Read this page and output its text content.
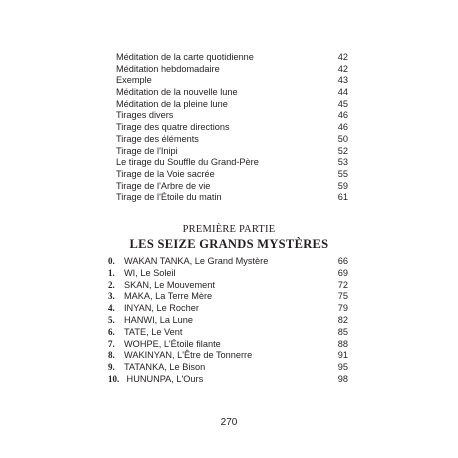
Méditation de la carte quotidienne	42
Méditation hebdomadaire	42
Exemple	43
Méditation de la nouvelle lune	44
Méditation de la pleine lune	45
Tirages divers	46
Tirage des quatre directions	46
Tirage des éléments	50
Tirage de l'Inipi	52
Le tirage du Souffle du Grand-Père	53
Tirage de la Voie sacrée	55
Tirage de l'Arbre de vie	59
Tirage de l'Étoile du matin	61
PREMIÈRE PARTIE
LES SEIZE GRANDS MYSTÈRES
0. WAKAN TANKA, Le Grand Mystère	66
1. WI, Le Soleil	69
2. SKAN, Le Mouvement	72
3. MAKA, La Terre Mère	75
4. INYAN, Le Rocher	79
5. HANWI, La Lune	82
6. TATE, Le Vent	85
7. WOHPE, L'Étoile filante	88
8. WAKINYAN, L'Être de Tonnerre	91
9. TATANKA, Le Bison	95
10. HUNUNPA, L'Ours	98
270
